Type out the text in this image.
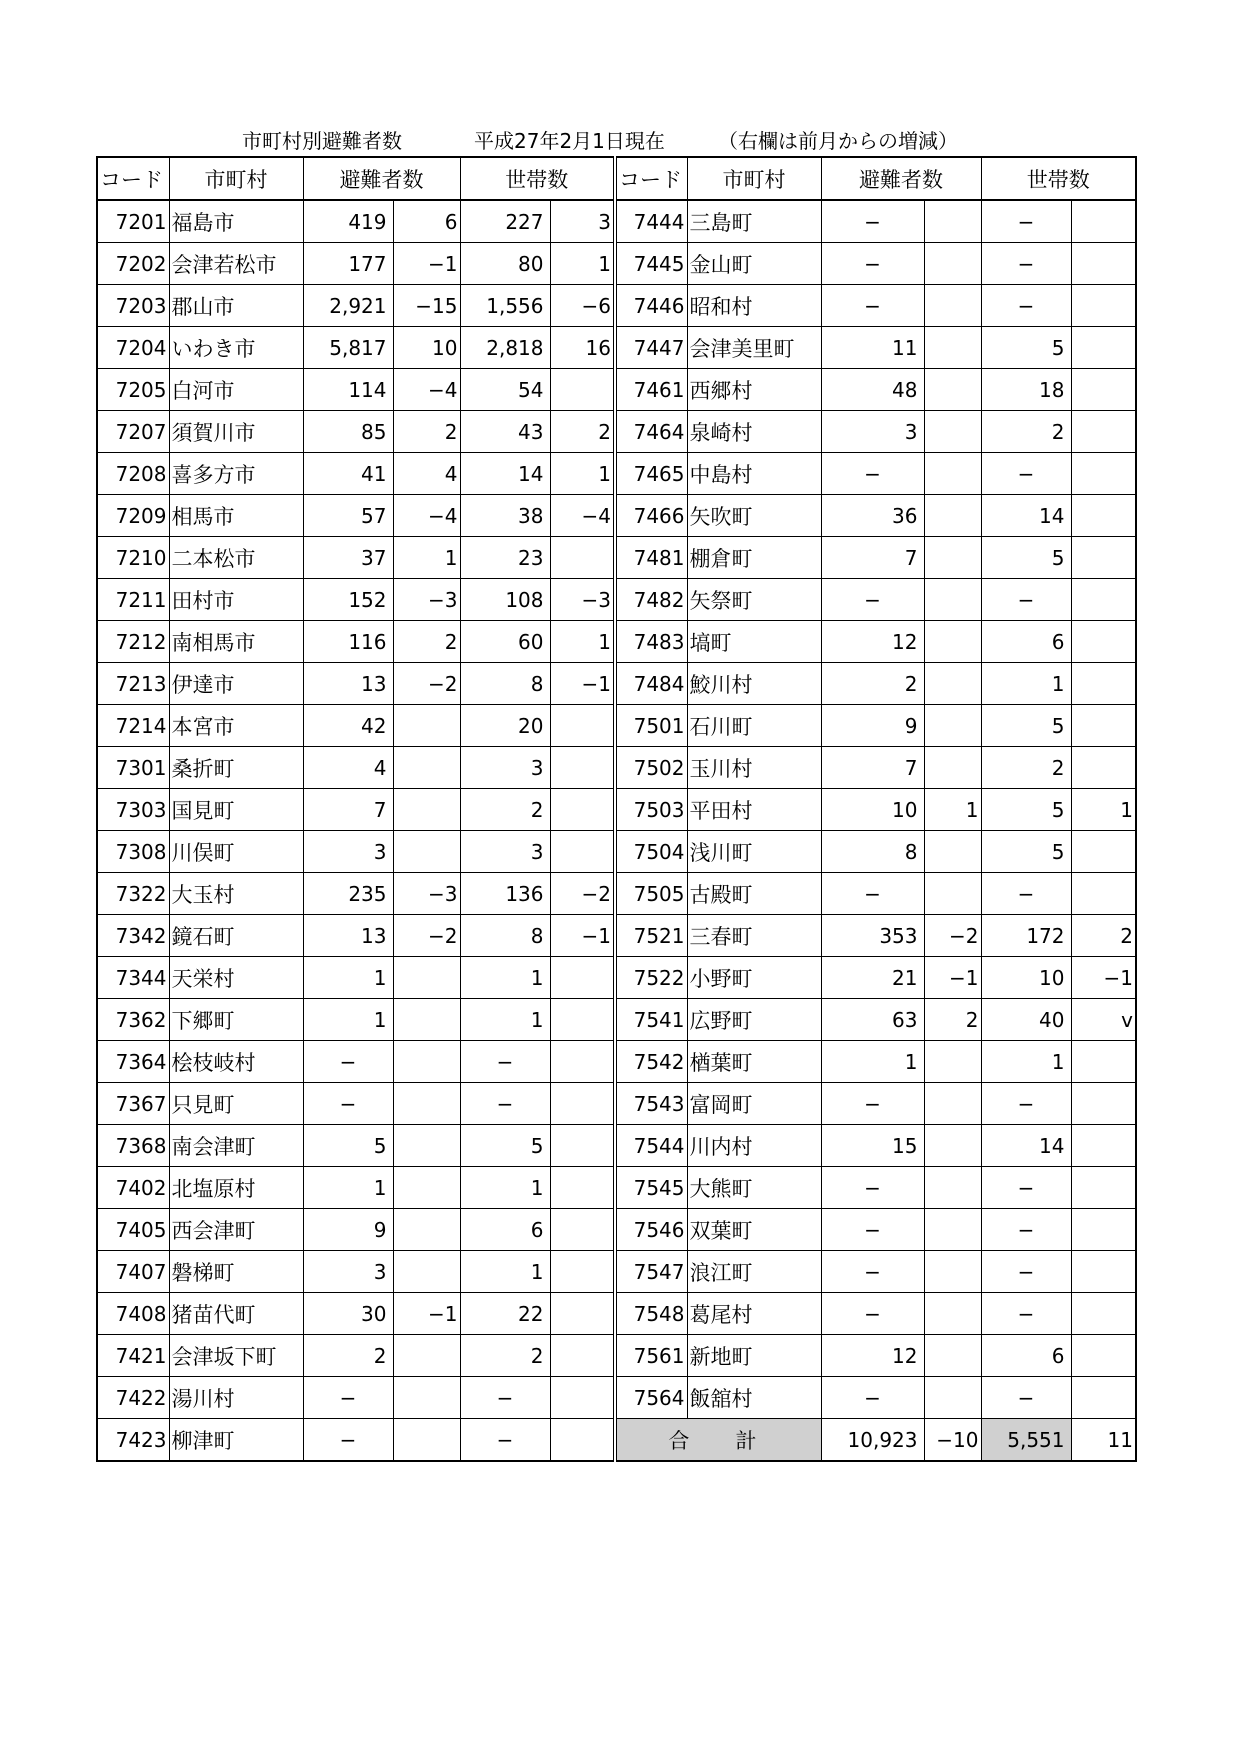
市町村別避難者数

	平成27年2月1日現在

	（右欄は前月からの増減）

コード	市町村	避難者数		世帯数		コード	市町村	避難者数		世帯数	
7201	福島市	419	6	227	3	7444	三島町	−		−	
7202	会津若松市	177	−1	80	1	7445	金山町	−		−	
7203	郡山市	2,921	−15	1,556	−6	7446	昭和村	−		−	
7204	いわき市	5,817	10	2,818	16	7447	会津美里町	11		5	
7205	白河市	114	−4	54		7461	西郷村	48		18	
7207	須賀川市	85	2	43	2	7464	泉崎村	3		2	
7208	喜多方市	41	4	14	1	7465	中島村	−		−	
7209	相馬市	57	−4	38	−4	7466	矢吹町	36		14	
7210	二本松市	37	1	23		7481	棚倉町	7		5	
7211	田村市	152	−3	108	−3	7482	矢祭町	−		−	
7212	南相馬市	116	2	60	1	7483	塙町	12		6	
7213	伊達市	13	−2	8	−1	7484	鮫川村	2		1	
7214	本宮市	42		20		7501	石川町	9		5	
7301	桑折町	4		3		7502	玉川村	7		2	
7303	国見町	7		2		7503	平田村	10	1	5	1
7308	川俣町	3		3		7504	浅川町	8		5	
7322	大玉村	235	−3	136	−2	7505	古殿町	−		−	
7342	鏡石町	13	−2	8	−1	7521	三春町	353	−2	172	2
7344	天栄村	1		1		7522	小野町	21	−1	10	−1
7362	下郷町	1		1		7541	広野町	63	2	40	v
7364	桧枝岐村	−		−		7542	楢葉町	1		1	
7367	只見町	−		−		7543	富岡町	−		−	
7368	南会津町	5		5		7544	川内村	15		14	
7402	北塩原村	1		1		7545	大熊町	−		−	
7405	西会津町	9		6		7546	双葉町	−		−	
7407	磐梯町	3		1		7547	浪江町	−		−	
7408	猪苗代町	30	−1	22		7548	葛尾村	−		−	
7421	会津坂下町	2		2		7561	新地町	12		6	
7422	湯川村	−		−		7564	飯舘村	−		−	
7423	柳津町	−		−		合　計		10,923	−10	5,551	11
